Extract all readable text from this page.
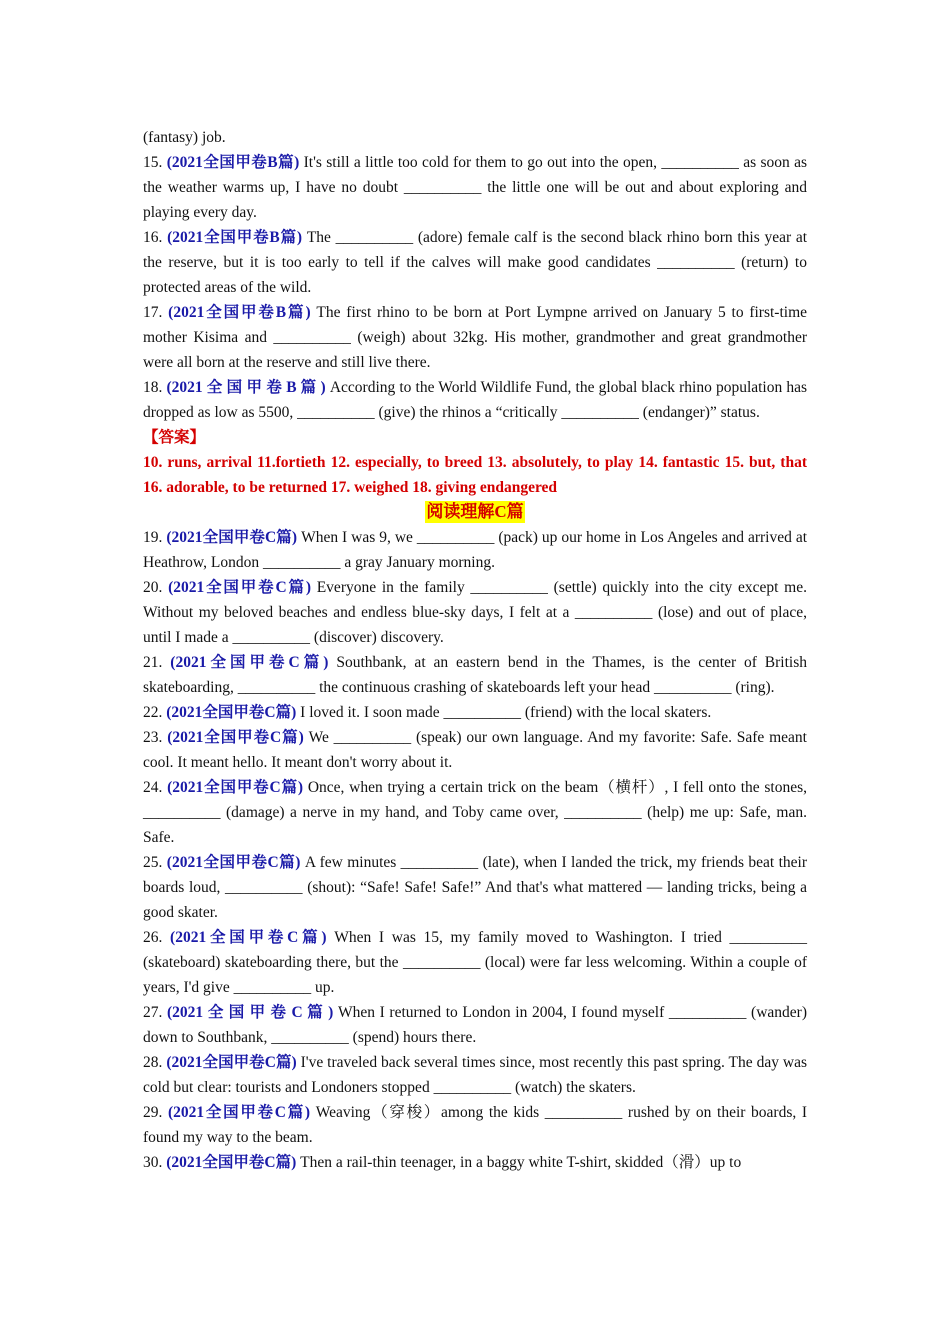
(fantasy) job.

15. (2021全国甲卷B篇) It's still a little too cold for them to go out into the open, __________ as soon as the weather warms up, I have no doubt __________ the little one will be out and about exploring and playing every day.

16. (2021全国甲卷B篇) The __________ (adore) female calf is the second black rhino born this year at the reserve, but it is too early to tell if the calves will make good candidates __________ (return) to protected areas of the wild.

17. (2021全国甲卷B篇) The first rhino to be born at Port Lympne arrived on January 5 to first-time mother Kisima and __________ (weigh) about 32kg. His mother, grandmother and great grandmother were all born at the reserve and still live there.

18. (2021 全 国 甲 卷 B 篇 ) According to the World Wildlife Fund, the global black rhino population has dropped as low as 5500, __________ (give) the rhinos a “critically __________ (endanger)” status.

【答案】

10. runs, arrival 11.fortieth 12. especially, to breed 13. absolutely, to play 14. fantastic 15. but, that 16. adorable, to be returned 17. weighed 18. giving endangered

阅读理解C篇

19. (2021全国甲卷C篇) When I was 9, we __________ (pack) up our home in Los Angeles and arrived at Heathrow, London __________ a gray January morning.

20. (2021全国甲卷C篇) Everyone in the family __________ (settle) quickly into the city except me. Without my beloved beaches and endless blue-sky days, I felt at a __________ (lose) and out of place, until I made a __________ (discover) discovery.

21. (2021全国甲卷C篇) Southbank, at an eastern bend in the Thames, is the center of British skateboarding, __________ the continuous crashing of skateboards left your head __________ (ring).

22. (2021全国甲卷C篇) I loved it. I soon made __________ (friend) with the local skaters.

23. (2021全国甲卷C篇) We __________ (speak) our own language. And my favorite: Safe. Safe meant cool. It meant hello. It meant don't worry about it.

24. (2021全国甲卷C篇) Once, when trying a certain trick on the beam（横杆）, I fell onto the stones, __________ (damage) a nerve in my hand, and Toby came over, __________ (help) me up: Safe, man. Safe.

25. (2021全国甲卷C篇) A few minutes __________ (late), when I landed the trick, my friends beat their boards loud, __________ (shout): “Safe! Safe! Safe!” And that's what mattered — landing tricks, being a good skater.

26. (2021全国甲卷C篇) When I was 15, my family moved to Washington. I tried __________ (skateboard) skateboarding there, but the __________ (local) were far less welcoming. Within a couple of years, I'd give __________ up.

27. (2021 全 国 甲 卷 C 篇 ) When I returned to London in 2004, I found myself __________ (wander) down to Southbank, __________ (spend) hours there.

28. (2021全国甲卷C篇) I've traveled back several times since, most recently this past spring. The day was cold but clear: tourists and Londoners stopped __________ (watch) the skaters.

29. (2021全国甲卷C篇) Weaving（穿梭）among the kids __________ rushed by on their boards, I found my way to the beam.

30. (2021全国甲卷C篇) Then a rail-thin teenager, in a baggy white T-shirt, skidded（滑）up to
